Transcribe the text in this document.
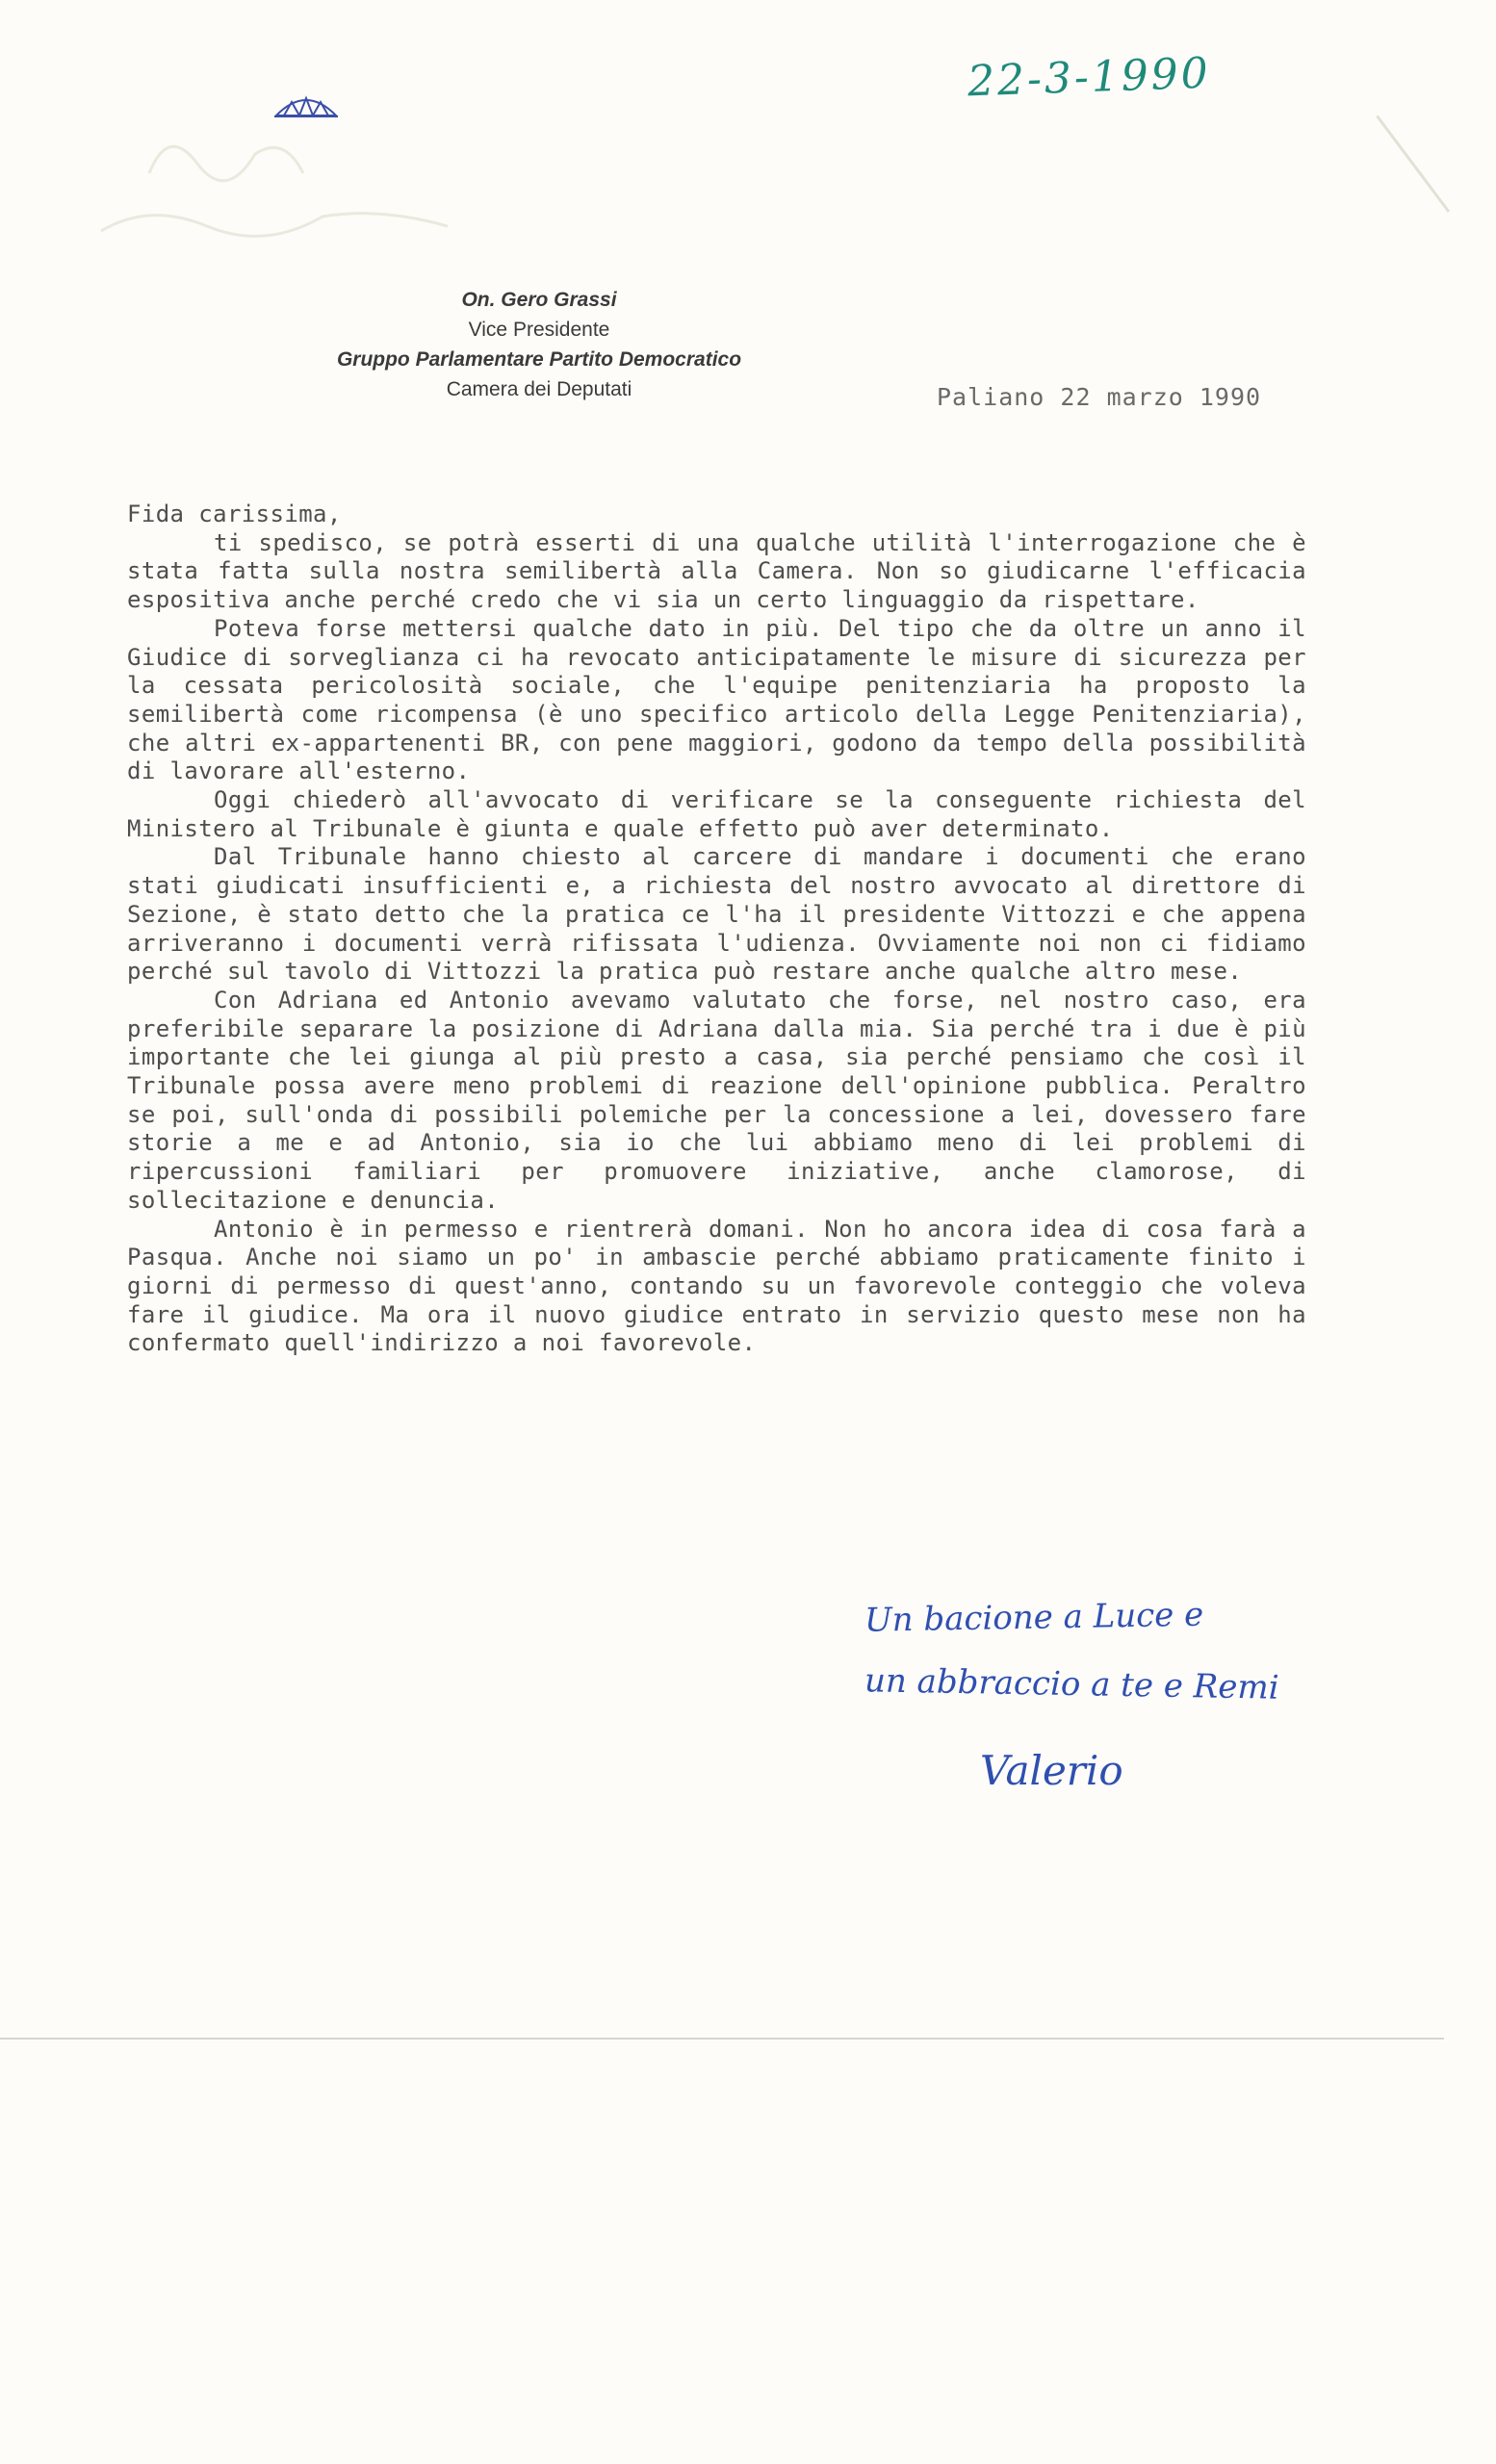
22-3-1990
On. Gero Grassi
Vice Presidente
Gruppo Parlamentare Partito Democratico
Camera dei Deputati	Paliano 22 marzo 1990

Fida carissima,

ti spedisco, se potrà esserti di una qualche utilità l'interrogazione che è stata fatta sulla nostra semilibertà alla Camera. Non so giudicarne l'efficacia espositiva anche perché credo che vi sia un certo linguaggio da rispettare.

Poteva forse mettersi qualche dato in più. Del tipo che da oltre un anno il Giudice di sorveglianza ci ha revocato anticipatamente le misure di sicurezza per la cessata pericolosità sociale, che l'equipe penitenziaria ha proposto la semilibertà come ricompensa (è uno specifico articolo della Legge Penitenziaria), che altri ex-appartenenti BR, con pene maggiori, godono da tempo della possibilità di lavorare all'esterno.

Oggi chiederò all'avvocato di verificare se la conseguente richiesta del Ministero al Tribunale è giunta e quale effetto può aver determinato.

Dal Tribunale hanno chiesto al carcere di mandare i documenti che erano stati giudicati insufficienti e, a richiesta del nostro avvocato al direttore di Sezione, è stato detto che la pratica ce l'ha il presidente Vittozzi e che appena arriveranno i documenti verrà rifissata l'udienza. Ovviamente noi non ci fidiamo perché sul tavolo di Vittozzi la pratica può restare anche qualche altro mese.

Con Adriana ed Antonio avevamo valutato che forse, nel nostro caso, era preferibile separare la posizione di Adriana dalla mia. Sia perché tra i due è più importante che lei giunga al più presto a casa, sia perché pensiamo che così il Tribunale possa avere meno problemi di reazione dell'opinione pubblica. Peraltro se poi, sull'onda di possibili polemiche per la concessione a lei, dovessero fare storie a me e ad Antonio, sia io che lui abbiamo meno di lei problemi di ripercussioni familiari per promuovere iniziative, anche clamorose, di sollecitazione e denuncia.

Antonio è in permesso e rientrerà domani. Non ho ancora idea di cosa farà a Pasqua. Anche noi siamo un po' in ambascie perché abbiamo praticamente finito i giorni di permesso di quest'anno, contando su un favorevole conteggio che voleva fare il giudice. Ma ora il nuovo giudice entrato in servizio questo mese non ha confermato quell'indirizzo a noi favorevole.

Un bacione a Luce e
un abbraccio a te e Remi
Valerio
